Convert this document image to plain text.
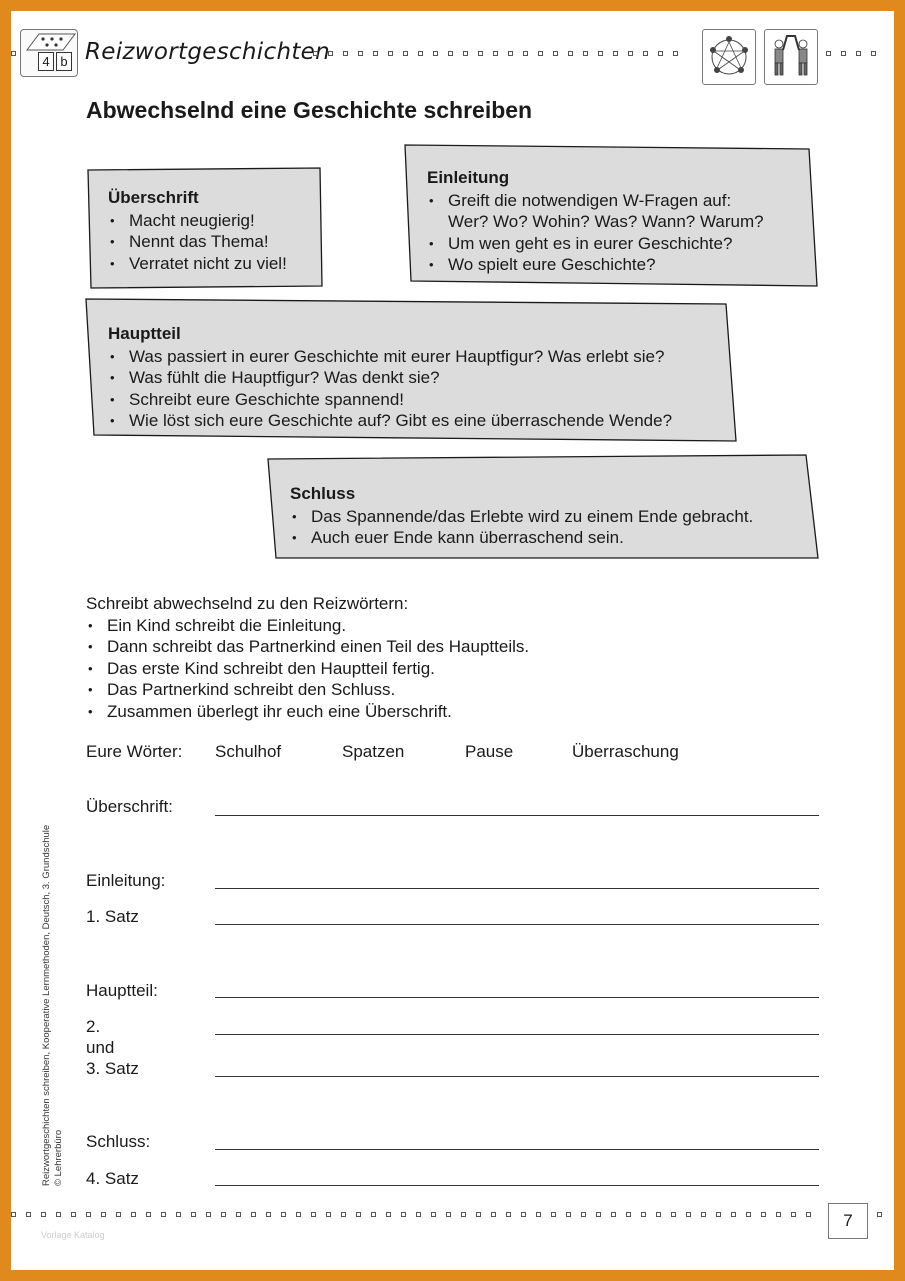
4 b Reizwortgeschichten
Abwechselnd eine Geschichte schreiben
Überschrift
• Macht neugierig!
• Nennt das Thema!
• Verratet nicht zu viel!
Einleitung
• Greift die notwendigen W-Fragen auf:
Wer? Wo? Wohin? Was? Wann? Warum?
• Um wen geht es in eurer Geschichte?
• Wo spielt eure Geschichte?
Hauptteil
• Was passiert in eurer Geschichte mit eurer Hauptfigur? Was erlebt sie?
• Was fühlt die Hauptfigur? Was denkt sie?
• Schreibt eure Geschichte spannend!
• Wie löst sich eure Geschichte auf? Gibt es eine überraschende Wende?
Schluss
• Das Spannende/das Erlebte wird zu einem Ende gebracht.
• Auch euer Ende kann überraschend sein.
Schreibt abwechselnd zu den Reizwörtern:
• Ein Kind schreibt die Einleitung.
• Dann schreibt das Partnerkind einen Teil des Hauptteils.
• Das erste Kind schreibt den Hauptteil fertig.
• Das Partnerkind schreibt den Schluss.
• Zusammen überlegt ihr euch eine Überschrift.
Eure Wörter: Schulhof	Spatzen	Pause	Überraschung
Überschrift:
Einleitung:
1. Satz
Hauptteil:
2.
und
3. Satz
Schluss:
4. Satz
Reizwortgeschichten schreiben, Kooperative Lernmethoden, Deutsch, 3. Grundschule © Lehrerbüro
7
Vorlage Katalog
